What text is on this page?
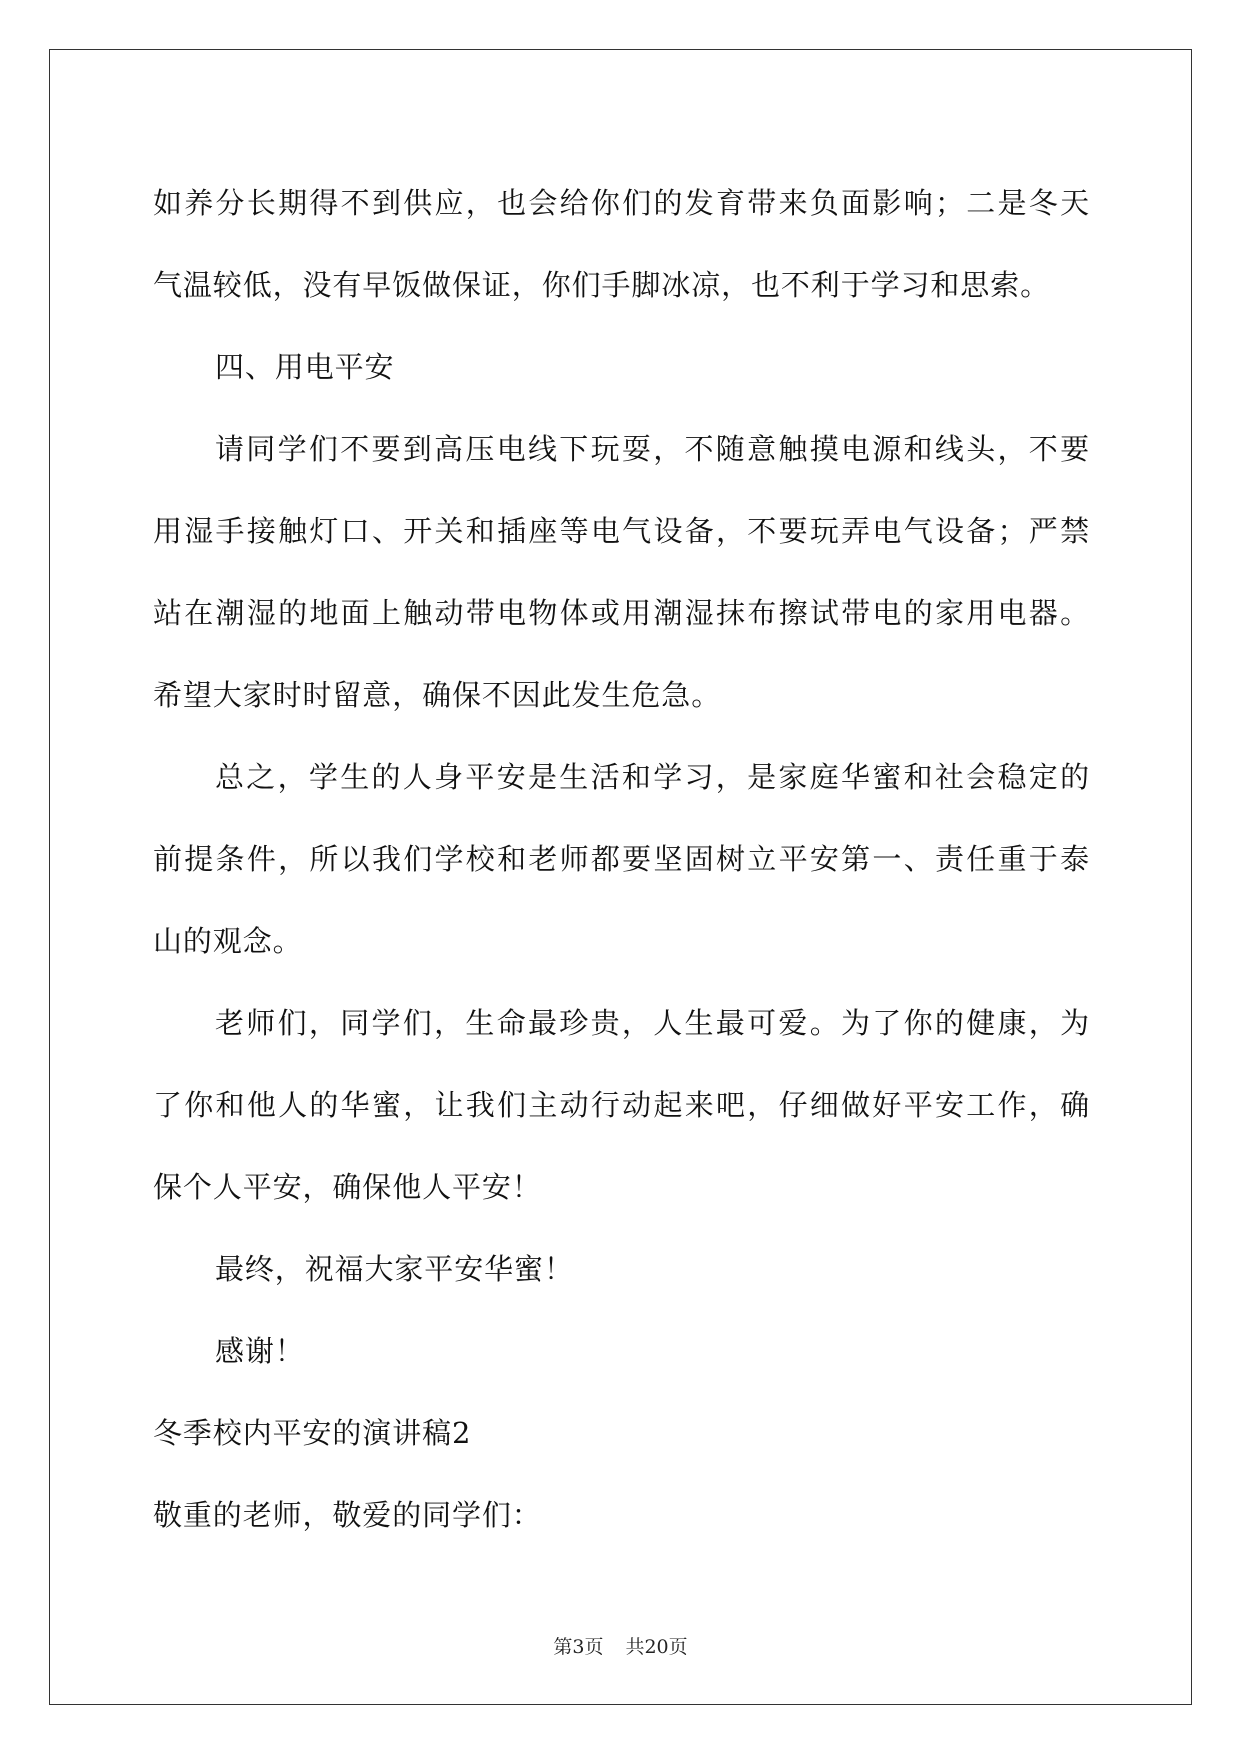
如养分长期得不到供应，也会给你们的发育带来负面影响；二是冬天
气温较低，没有早饭做保证，你们手脚冰凉，也不利于学习和思索。
四、用电平安
请同学们不要到高压电线下玩耍，不随意触摸电源和线头，不要
用湿手接触灯口、开关和插座等电气设备，不要玩弄电气设备；严禁
站在潮湿的地面上触动带电物体或用潮湿抹布擦试带电的家用电器。
希望大家时时留意，确保不因此发生危急。
总之，学生的人身平安是生活和学习，是家庭华蜜和社会稳定的
前提条件，所以我们学校和老师都要坚固树立平安第一、责任重于泰
山的观念。
老师们，同学们，生命最珍贵，人生最可爱。为了你的健康，为
了你和他人的华蜜，让我们主动行动起来吧，仔细做好平安工作，确
保个人平安，确保他人平安！
最终，祝福大家平安华蜜！
感谢！
冬季校内平安的演讲稿2
敬重的老师，敬爱的同学们：
第3页 共20页
